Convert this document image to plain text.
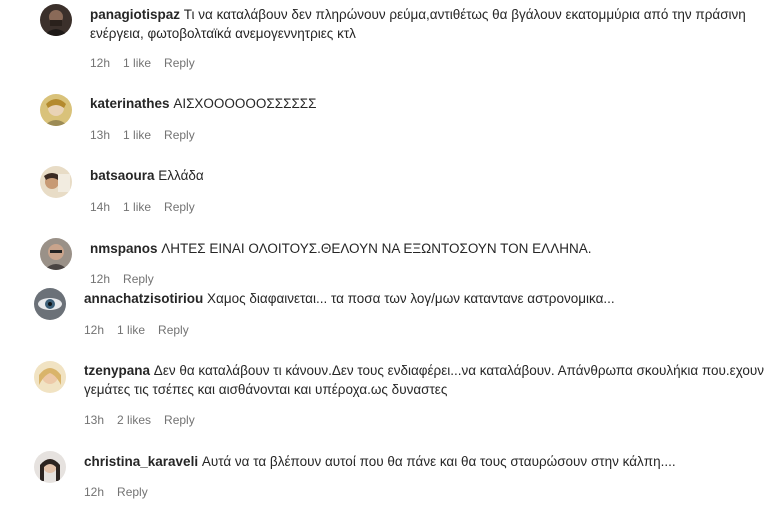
panagiotispaz Τι να καταλάβουν δεν πληρώνουν ρεύμα,αντιθέτως θα βγάλουν εκατομμύρια από την πράσινη ενέργεια, φωτοβολταϊκά ανεμογεννητριες κτλ
12h 1 like Reply
katerinathes ΑΙΣΧΟΟΟΟΟΟΣΣΣΣΣΣ
13h 1 like Reply
batsaoura Ελλάδα
14h 1 like Reply
nmspanos ΛΗΤΕΣ ΕΙΝΑΙ ΟΛΟΙΤΟΥΣ.ΘΕΛΟΥΝ ΝΑ ΕΞΩΝΤΟΣΟΥΝ ΤΟΝ ΕΛΛΗΝΑ.
12h Reply
annachatzisotiriou Χαμος διαφαινεται... τα ποσα των λογ/μων καταντανε αστρονομικα...
12h 1 like Reply
tzenypana Δεν θα καταλάβουν τι κάνουν.Δεν τους ενδιαφέρει...να καταλάβουν. Απάνθρωπα σκουλήκια που.εχουν γεμάτες τις τσέπες και αισθάνονται και υπέροχα.ως δυναστες
13h 2 likes Reply
christina_karaveli Αυτά να τα βλέπουν αυτοί που θα πάνε και θα τους σταυρώσουν στην κάλπη....
12h Reply
